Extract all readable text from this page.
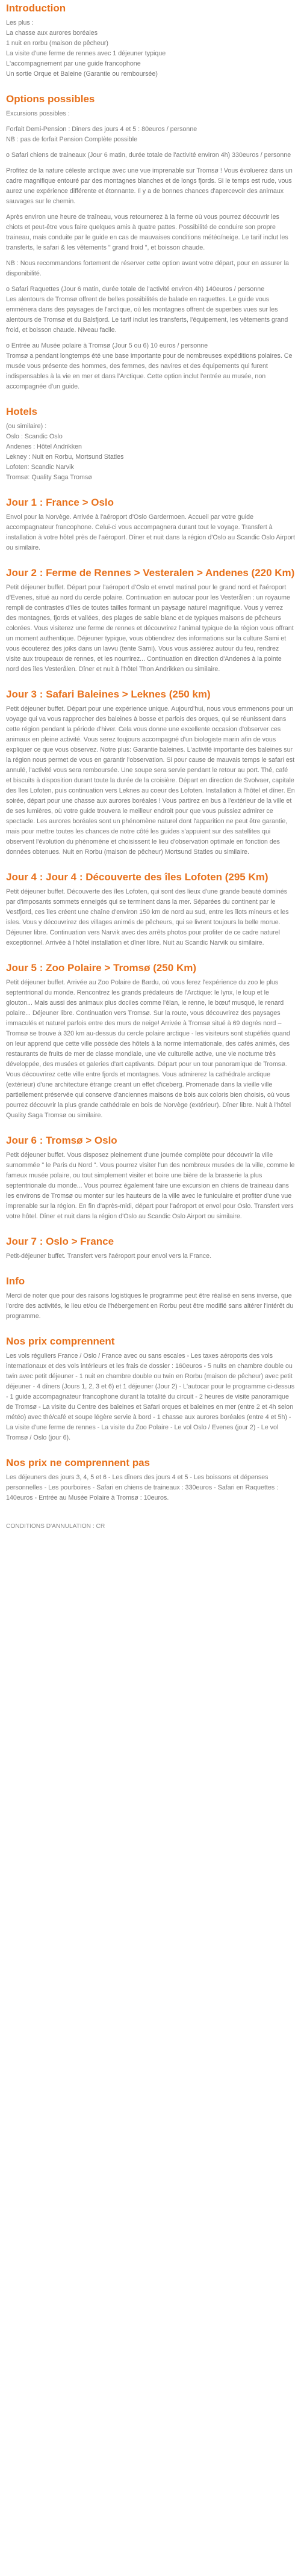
Introduction
Les plus :
La chasse aux aurores boréales
1 nuit en rorbu (maison de pêcheur)
La visite d'une ferme de rennes avec 1 déjeuner typique
L'accompagnement par une guide francophone
Un sortie Orque et Baleine (Garantie ou remboursée)
Options possibles
Excursions possibles :
Forfait Demi-Pension : Diners des jours 4 et 5 : 80euros / personne
NB : pas de forfait Pension Complète possible
o Safari chiens de traineaux (Jour 6 matin, durée totale de l'activité environ 4h) 330euros / personne
Profitez de la nature céleste arctique avec une vue imprenable sur Tromsø ! Vous évoluerez dans un cadre magnifique entouré par des montagnes blanches et de longs fjords. Si le temps est rude, vous aurez une expérience différente et étonnante. Il y a de bonnes chances d'apercevoir des animaux sauvages sur le chemin.
Après environ une heure de traîneau, vous retournerez à la ferme où vous pourrez découvrir les chiots et peut-être vous faire quelques amis à quatre pattes. Possibilité de conduire son propre traineau, mais conduite par le guide en cas de mauvaises conditions météo/neige. Le tarif inclut les transferts, le safari & les vêtements " grand froid ", et boisson chaude.
NB : Nous recommandons fortement de réserver cette option avant votre départ, pour en assurer la disponibilité.
o Safari Raquettes (Jour 6 matin, durée totale de l'activité environ 4h) 140euros / personne
Les alentours de Tromsø offrent de belles possibilités de balade en raquettes. Le guide vous emmènera dans des paysages de l'arctique, où les montagnes offrent de superbes vues sur les alentours de Tromsø et du Balsfjord. Le tarif inclut les transferts, l'équipement, les vêtements grand froid, et boisson chaude. Niveau facile.
o Entrée au Musée polaire à Tromsø (Jour 5 ou 6) 10 euros / personne
Tromsø a pendant longtemps été une base importante pour de nombreuses expéditions polaires. Ce musée vous présente des hommes, des femmes, des navires et des équipements qui furent indispensables à la vie en mer et dans l'Arctique. Cette option inclut l'entrée au musée, non accompagnée d'un guide.
Hotels
(ou similaire) :
Oslo : Scandic Oslo
Andenes : Hôtel Andrikken
Lekney : Nuit en Rorbu, Mortsund Statles
Lofoten: Scandic Narvik
Tromsø: Quality Saga Tromsø
Jour 1 : France > Oslo
Envol pour la Norvège. Arrivée à l'aéroport d'Oslo Gardermoen. Accueil par votre guide accompagnateur francophone. Celui-ci vous accompagnera durant tout le voyage. Transfert à installation à votre hôtel près de l'aéroport. Dîner et nuit dans la région d'Oslo au Scandic Oslo Airport ou similaire.
Jour 2 : Ferme de Rennes > Vesteralen > Andenes (220 Km)
Petit déjeuner buffet. Départ pour l'aéroport d'Oslo et envol matinal pour le grand nord et l'aéroport d'Evenes, situé au nord du cercle polaire. Continuation en autocar pour les Vesterålen : un royaume rempli de contrastes d'îles de toutes tailles formant un paysage naturel magnifique. Vous y verrez des montagnes, fjords et vallées, des plages de sable blanc et de typiques maisons de pêcheurs colorées. Vous visiterez une ferme de rennes et découvrirez l'animal typique de la région vous offrant un moment authentique. Déjeuner typique, vous obtiendrez des informations sur la culture Sami et vous écouterez des joiks dans un lavvu (tente Sami). Vous vous assiérez autour du feu, rendrez visite aux troupeaux de rennes, et les nourrirez... Continuation en direction d'Andenes à la pointe nord des îles Vesterålen. Dîner et nuit à l'hôtel Thon Andrikken ou similaire.
Jour 3 : Safari Baleines > Leknes (250 km)
Petit déjeuner buffet. Départ pour une expérience unique. Aujourd'hui, nous vous emmenons pour un voyage qui va vous rapprocher des baleines à bosse et parfois des orques, qui se réunissent dans cette région pendant la période d'hiver. Cela vous donne une excellente occasion d'observer ces animaux en pleine activité. Vous serez toujours accompagné d'un biologiste marin afin de vous expliquer ce que vous observez. Notre plus: Garantie baleines. L'activité importante des baleines sur la région nous permet de vous en garantir l'observation. Si pour cause de mauvais temps le safari est annulé, l'activité vous sera remboursée. Une soupe sera servie pendant le retour au port. Thé, café et biscuits à disposition durant toute la durée de la croisière. Départ en direction de Svolvaer, capitale des îles Lofoten, puis continuation vers Leknes au coeur des Lofoten. Installation à l'hôtel et dîner. En soirée, départ pour une chasse aux aurores boréales ! Vous partirez en bus à l'extérieur de la ville et de ses lumières, où votre guide trouvera le meilleur endroit pour que vous puissiez admirer ce spectacle. Les aurores boréales sont un phénomène naturel dont l'apparition ne peut être garantie, mais pour mettre toutes les chances de notre côté les guides s'appuient sur des satellites qui observent l'évolution du phénomène et choisissent le lieu d'observation optimale en fonction des données obtenues. Nuit en Rorbu (maison de pêcheur) Mortsund Statles ou similaire.
Jour 4 : Jour 4 : Découverte des îles Lofoten (295 Km)
Petit déjeuner buffet. Découverte des îles Lofoten, qui sont des lieux d'une grande beauté dominés par d'imposants sommets enneigés qui se terminent dans la mer. Séparées du continent par le Vestfjord, ces îles créent une chaîne d'environ 150 km de nord au sud, entre les îlots mineurs et les isles. Vous y découvrirez des villages animés de pêcheurs, qui se livrent toujours la belle morue. Déjeuner libre. Continuation vers Narvik avec des arrêts photos pour profiter de ce cadre naturel exceptionnel. Arrivée à l'hôtel installation et dîner libre. Nuit au Scandic Narvik ou similaire.
Jour 5 : Zoo Polaire > Tromsø (250 Km)
Petit déjeuner buffet. Arrivée au Zoo Polaire de Bardu, où vous ferez l'expérience du zoo le plus septentrional du monde. Rencontrez les grands prédateurs de l'Arctique: le lynx, le loup et le glouton... Mais aussi des animaux plus dociles comme l'élan, le renne, le bœuf musqué, le renard polaire... Déjeuner libre. Continuation vers Tromsø. Sur la route, vous découvrirez des paysages immaculés et naturel parfois entre des murs de neige! Arrivée à Tromsø situé à 69 degrés nord – Tromsø se trouve à 320 km au-dessus du cercle polaire arctique - les visiteurs sont stupéfiés quand on leur apprend que cette ville possède des hôtels à la norme internationale, des cafés animés, des restaurants de fruits de mer de classe mondiale, une vie culturelle active, une vie nocturne très développée, des musées et galeries d'art captivants. Départ pour un tour panoramique de Tromsø. Vous découvrirez cette ville entre fjords et montagnes. Vous admirerez la cathédrale arctique (extérieur) d'une architecture étrange creant un effet d'iceberg. Promenade dans la vieille ville partiellement préservée qui conserve d'anciennes maisons de bois aux coloris bien choisis, où vous pourrez découvrir la plus grande cathédrale en bois de Norvège (extérieur). Dîner libre. Nuit à l'hôtel Quality Saga Tromsø ou similaire.
Jour 6 : Tromsø > Oslo
Petit déjeuner buffet. Vous disposez pleinement d'une journée complète pour découvrir la ville surnommée " le Paris du Nord ". Vous pourrez visiter l'un des nombreux musées de la ville, comme le fameux musée polaire, ou tout simplement visiter et boire une bière de la brasserie la plus septentrionale du monde... Vous pourrez également faire une excursion en chiens de traineau dans les environs de Tromsø ou monter sur les hauteurs de la ville avec le funiculaire et profiter d'une vue imprenable sur la région. En fin d'après-midi, départ pour l'aéroport et envol pour Oslo. Transfert vers votre hôtel. Dîner et nuit dans la région d'Oslo au Scandic Oslo Airport ou similaire.
Jour 7 : Oslo > France
Petit-déjeuner buffet. Transfert vers l'aéroport pour envol vers la France.
Info
Merci de noter que pour des raisons logistiques le programme peut être réalisé en sens inverse, que l'ordre des activités, le lieu et/ou de l'hébergement en Rorbu peut être modifié sans altérer l'intérêt du programme.
Nos prix comprennent
Les vols réguliers France / Oslo / France avec ou sans escales - Les taxes aéroports des vols internationaux et des vols intérieurs et les frais de dossier : 160euros - 5 nuits en chambre double ou twin avec petit déjeuner - 1 nuit en chambre double ou twin en Rorbu (maison de pêcheur) avec petit déjeuner - 4 dîners (Jours 1, 2, 3 et 6) et 1 déjeuner (Jour 2) - L'autocar pour le programme ci-dessus - 1 guide accompagnateur francophone durant la totalité du circuit - 2 heures de visite panoramique de Tromsø - La visite du Centre des baleines et Safari orques et baleines en mer (entre 2 et 4h selon météo) avec thé/café et soupe légère servie à bord - 1 chasse aux aurores boréales (entre 4 et 5h) - La visite d'une ferme de rennes - La visite du Zoo Polaire - Le vol Oslo / Evenes (jour 2) - Le vol Tromsø / Oslo (jour 6).
Nos prix ne comprennent pas
Les déjeuners des jours 3, 4, 5 et 6 - Les dîners des jours 4 et 5 - Les boissons et dépenses personnelles - Les pourboires - Safari en chiens de traineaux : 330euros - Safari en Raquettes : 140euros - Entrée au Musée Polaire à Tromsø : 10euros.
CONDITIONS D'ANNULATION : CR
